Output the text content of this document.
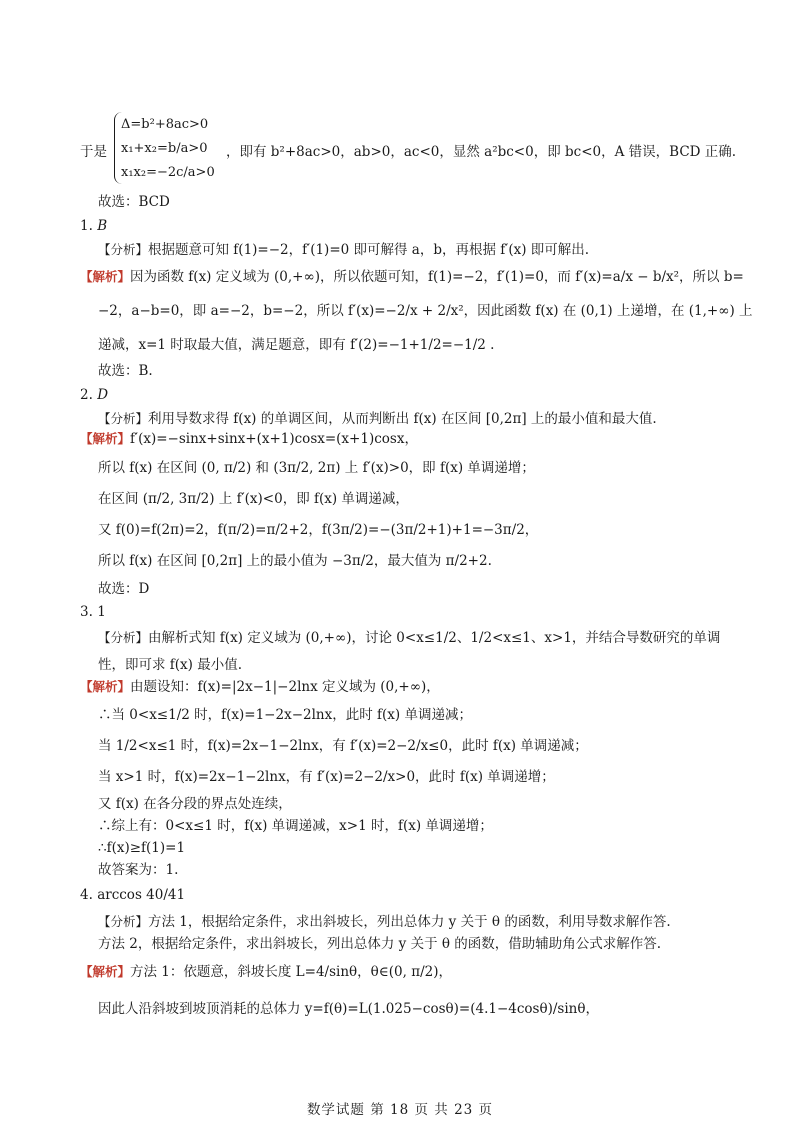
于是
Δ=b²+8ac>0
x₁+x₂=b/a>0
x₁x₂=−2c/a>0
，即有 b²+8ac>0，ab>0，ac<0，显然 a²bc<0，即 bc<0，A 错误，BCD 正确.
故选：BCD
1. B
【分析】根据题意可知 f(1)=−2，f′(1)=0 即可解得 a，b，再根据 f′(x) 即可解出.
【解析】因为函数 f(x) 定义域为 (0,+∞)，所以依题可知，f(1)=−2，f′(1)=0，而 f′(x)=a/x − b/x²，所以 b=
−2，a−b=0，即 a=−2，b=−2，所以 f′(x)=−2/x + 2/x²，因此函数 f(x) 在 (0,1) 上递增，在 (1,+∞) 上
递减，x=1 时取最大值，满足题意，即有 f′(2)=−1+1/2=−1/2 .
故选：B.
2. D
【分析】利用导数求得 f(x) 的单调区间，从而判断出 f(x) 在区间 [0,2π] 上的最小值和最大值.
【解析】f′(x)=−sinx+sinx+(x+1)cosx=(x+1)cosx，
所以 f(x) 在区间 (0, π/2) 和 (3π/2, 2π) 上 f′(x)>0，即 f(x) 单调递增；
在区间 (π/2, 3π/2) 上 f′(x)<0，即 f(x) 单调递减，
又 f(0)=f(2π)=2，f(π/2)=π/2+2，f(3π/2)=−(3π/2+1)+1=−3π/2，
所以 f(x) 在区间 [0,2π] 上的最小值为 −3π/2，最大值为 π/2+2.
故选：D
3. 1
【分析】由解析式知 f(x) 定义域为 (0,+∞)，讨论 0<x≤1/2、1/2<x≤1、x>1，并结合导数研究的单调
性，即可求 f(x) 最小值.
【解析】由题设知：f(x)=|2x−1|−2lnx 定义域为 (0,+∞)，
∴当 0<x≤1/2 时，f(x)=1−2x−2lnx，此时 f(x) 单调递减；
当 1/2<x≤1 时，f(x)=2x−1−2lnx，有 f′(x)=2−2/x≤0，此时 f(x) 单调递减；
当 x>1 时，f(x)=2x−1−2lnx，有 f′(x)=2−2/x>0，此时 f(x) 单调递增；
又 f(x) 在各分段的界点处连续，
∴综上有：0<x≤1 时，f(x) 单调递减，x>1 时，f(x) 单调递增；
∴f(x)≥f(1)=1
故答案为：1.
4. arccos 40/41
【分析】方法 1，根据给定条件，求出斜坡长，列出总体力 y 关于 θ 的函数，利用导数求解作答.
方法 2，根据给定条件，求出斜坡长，列出总体力 y 关于 θ 的函数，借助辅助角公式求解作答.
【解析】方法 1：依题意，斜坡长度 L=4/sinθ，θ∈(0, π/2)，
因此人沿斜坡到坡顶消耗的总体力 y=f(θ)=L(1.025−cosθ)=(4.1−4cosθ)/sinθ，
数学试题 第 18 页 共 23 页
